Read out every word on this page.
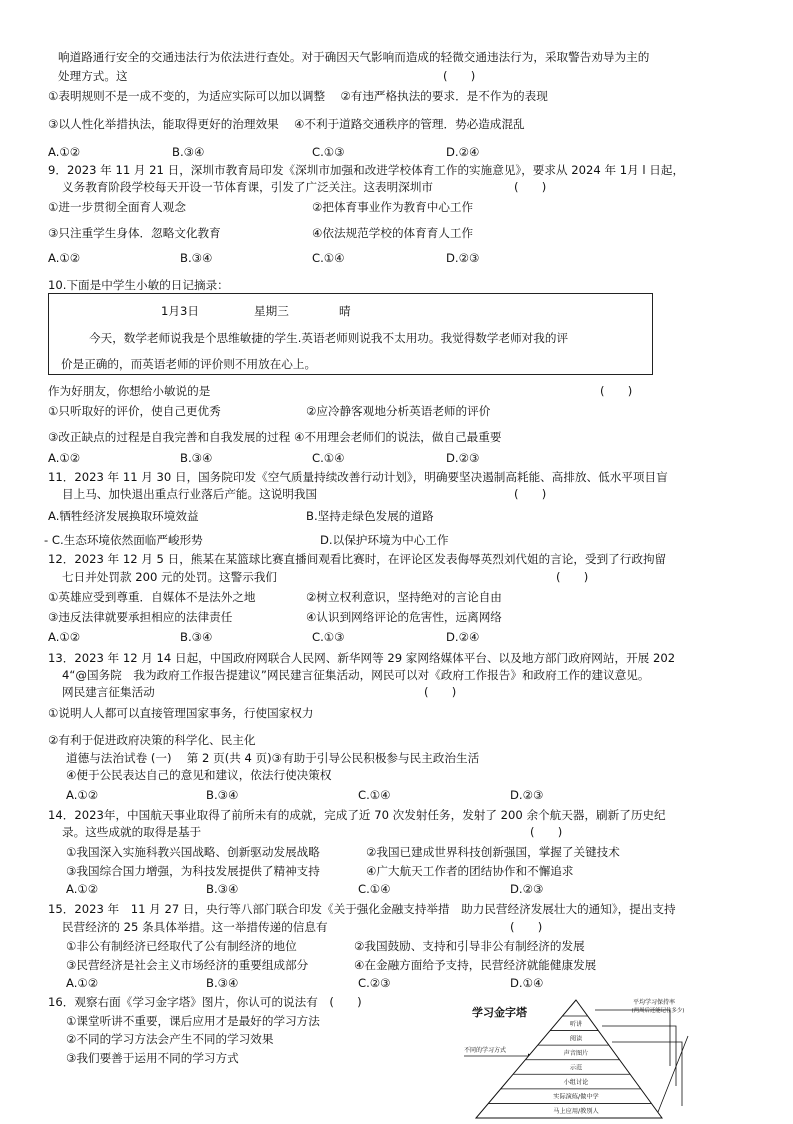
响道路通行安全的交通违法行为依法进行查处。对于确因天气影响而造成的轻微交通违法行为，采取警告劝导为主的
处理方式。这	(　　)
①表明规则不是一成不变的，为适应实际可以加以调整　 ②有违严格执法的要求．是不作为的表现
③以人性化举措执法，能取得更好的治理效果　 ④不利于道路交通秩序的管理．势必造成混乱
A.①②	B.③④	C.①③	D.②④
9．2023 年 11 月 21 日，深圳市教育局印发《深圳市加强和改进学校体育工作的实施意见》，要求从 2024 年 1月 l 日起，
义务教育阶段学校每天开设一节体育课，引发了广泛关注。这表明深圳市	(　　)
①进一步贯彻全面育人观念	②把体育事业作为教育中心工作
③只注重学生身体．忽略文化教育	④依法规范学校的体育育人工作
A.①②	B.③④	C.①④	D.②③
10.下面是中学生小敏的日记摘录：
1月3日	星期三	晴
今天，数学老师说我是个思维敏捷的学生.英语老师则说我不太用功。我觉得数学老师对我的评
价是正确的，而英语老师的评价则不用放在心上。
作为好朋友，你想给小敏说的是	(　　)
①只听取好的评价，使自己更优秀	②应冷静客观地分析英语老师的评价
③改正缺点的过程是自我完善和自我发展的过程 ④不用理会老师们的说法，做自己最重要
A.①②	B.③④	C.①④	D.②③
11．2023 年 11 月 30 日，国务院印发《空气质量持续改善行动计划》，明确要坚决遏制高耗能、高排放、低水平项目盲
目上马、加快退出重点行业落后产能。这说明我国	(　　)
A.牺牲经济发展换取环境效益	B.坚持走绿色发展的道路
- C.生态环境依然面临严峻形势	D.以保护环境为中心工作
12．2023 年 12 月 5 日，熊某在某篮球比赛直播间观看比赛时，在评论区发表侮辱英烈刘代姐的言论，受到了行政拘留
七日并处罚款 200 元的处罚。这警示我们	(　　)
①英雄应受到尊重．自媒体不是法外之地	②树立权利意识，坚持绝对的言论自由
③违反法律就要承担相应的法律责任	④认识到网络评论的危害性，远离网络
A.①②	B.③④	C.①③	D.②④
13．2023 年 12 月 14 日起，中国政府网联合人民网、新华网等 29 家网络媒体平台、以及地方部门政府网站，开展 202
4“@国务院　我为政府工作报告提建议”网民建言征集活动，网民可以对《政府工作报告》和政府工作的建议意见。
网民建言征集活动	(　　)
①说明人人都可以直接管理国家事务，行使国家权力
②有利于促进政府决策的科学化、民主化
道德与法治试卷 (一)　 第 2 页(共 4 页)③有助于引导公民积极参与民主政治生活
④便于公民表达自己的意见和建议，依法行使决策权
A.①②	B.③④	C.①④	D.②③
14．2023年，中国航天事业取得了前所未有的成就，完成了近 70 次发射任务，发射了 200 余个航天器，刷新了历史纪
录。这些成就的取得是基于	(　　)
①我国深入实施科教兴国战略、创新驱动发展战略	②我国已建成世界科技创新强国，掌握了关键技术
③我国综合国力增强，为科技发展提供了精神支持	④广大航天工作者的团结协作和不懈追求
A.①②	B.③④	C.①④	D.②③
15．2023 年　11 月 27 日，央行等八部门联合印发《关于强化金融支持举措　助力民营经济发展壮大的通知》，提出支持
民营经济的 25 条具体举措。这一举措传递的信息有	(　　)
①非公有制经济已经取代了公有制经济的地位	②我国鼓励、支持和引导非公有制经济的发展
③民营经济是社会主义市场经济的重要组成部分	④在金融方面给予支持，民营经济就能健康发展
A.①②	B.③④	C.②③	D.①④
16．观察右面《学习金字塔》图片，你认可的说法有　(　　)
①课堂听讲不重要，课后应用才是最好的学习方法
②不同的学习方法会产生不同的学习效果
③我们要善于运用不同的学习方式
学习金字塔
平均学习保持率
(两周后还能记住多少)
不同的学习方式
听讲
阅读
声音图片
示范
小组讨论
实际演练/做中学
马上应用/教别人
